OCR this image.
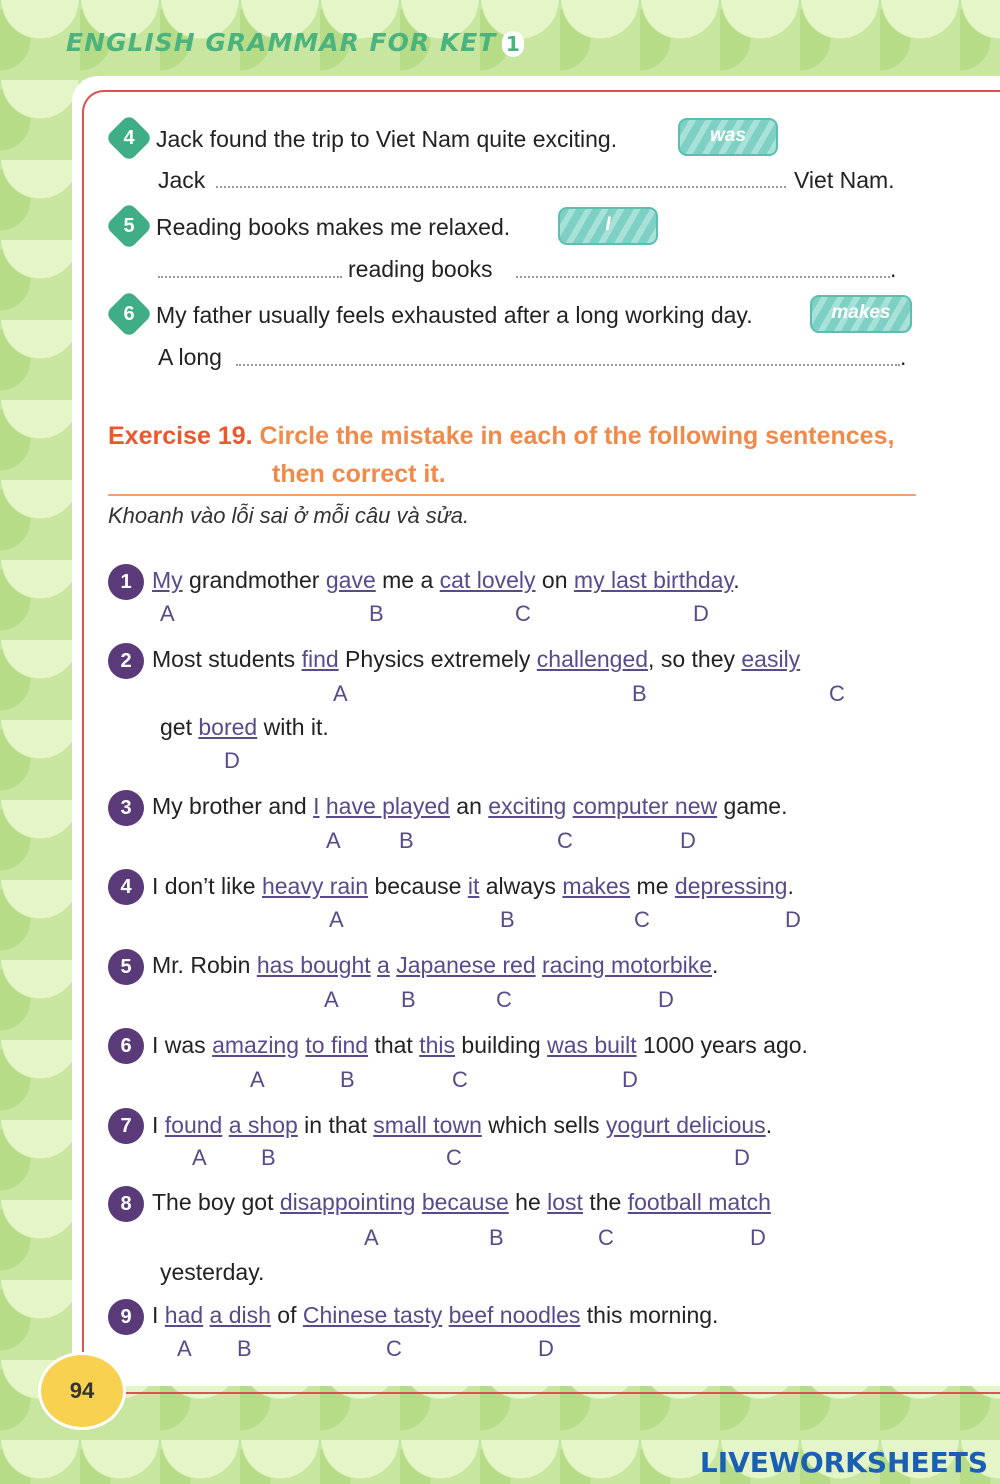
ENGLISH GRAMMAR FOR KET 1
4 Jack found the trip to Viet Nam quite exciting.	was
Jack	Viet Nam.
5 Reading books makes me relaxed.	I
reading books	.
6 My father usually feels exhausted after a long working day.	makes
A long	.
Exercise 19. Circle the mistake in each of the following sentences,
then correct it.
Khoanh vào lỗi sai ở mỗi câu và sửa.
1 My grandmother gave me a cat lovely on my last birthday.
A	B	C	D
2 Most students find Physics extremely challenged, so they easily
A	B	C
get bored with it.
D
3 My brother and I have played an exciting computer new game.
A	B	C	D
4 I don’t like heavy rain because it always makes me depressing.
A	B	C	D
5 Mr. Robin has bought a Japanese red racing motorbike.
A	B	C	D
6 I was amazing to find that this building was built 1000 years ago.
A	B	C	D
7 I found a shop in that small town which sells yogurt delicious.
A B	C	D
8 The boy got disappointing because he lost the football match
A	B	C	D
yesterday.
9 I had a dish of Chinese tasty beef noodles this morning.
A B	C	D
94
LIVEWORKSHEETS
